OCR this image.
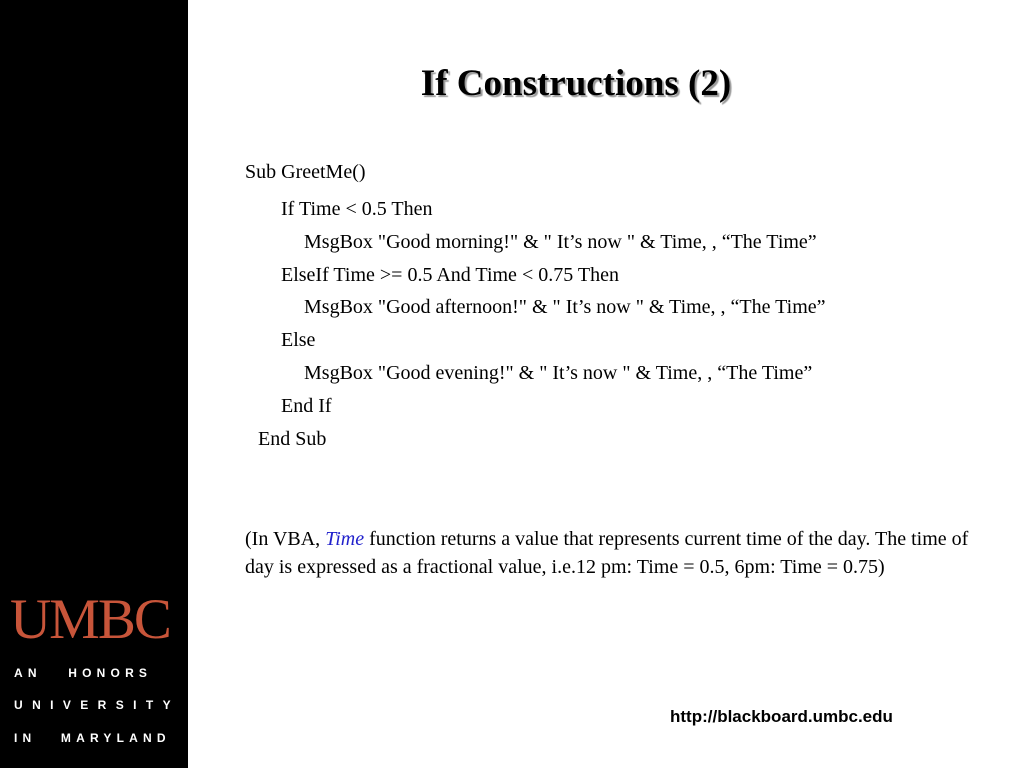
UMBC
AN HONORS
UNIVERSITY
IN MARYLAND
If Constructions (2)
Sub GreetMe()
If Time < 0.5 Then
MsgBox "Good morning!" & " It’s now " & Time, , “The Time”
ElseIf Time >= 0.5 And Time < 0.75 Then
MsgBox "Good afternoon!" & " It’s now " & Time, , “The Time”
Else
MsgBox "Good evening!" & " It’s now " & Time, , “The Time”
End If
End Sub
(In VBA, Time function returns a value that represents current time of the day. The time of day is expressed as a fractional value, i.e.12 pm: Time = 0.5, 6pm: Time = 0.75)
http://blackboard.umbc.edu
